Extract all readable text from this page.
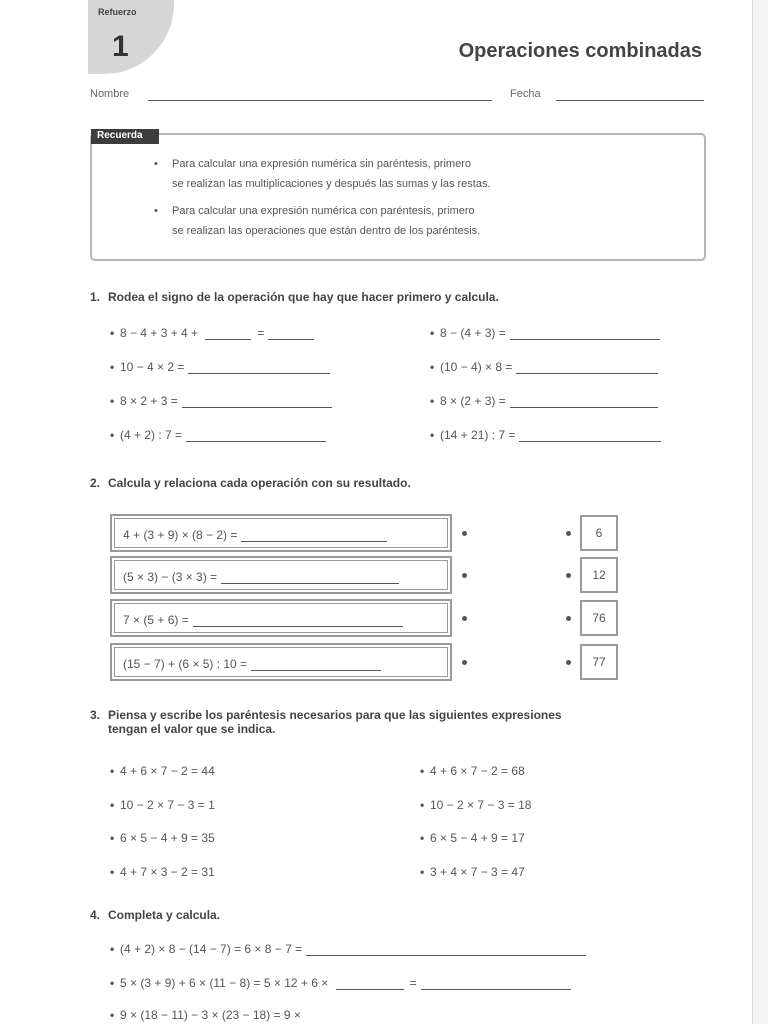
Refuerzo
1	Operaciones combinadas
Nombre	Fecha
Recuerda
• Para calcular una expresión numérica sin paréntesis, primero
se realizan las multiplicaciones y después las sumas y las restas.
• Para calcular una expresión numérica con paréntesis, primero
se realizan las operaciones que están dentro de los paréntesis.
1. Rodea el signo de la operación que hay que hacer primero y calcula.
• 8 − 4 + 3 + 4 +	=
• 10 − 4 × 2 =
• 8 × 2 + 3 =
• (4 + 2) : 7 =
• 8 − (4 + 3) =
• (10 − 4) × 8 =
• 8 × (2 + 3) =
• (14 + 21) : 7 =
2. Calcula y relaciona cada operación con su resultado.
4 + (3 + 9) × (8 − 2) =
(5 × 3) − (3 × 3) =
7 × (5 + 6) =
(15 − 7) + (6 × 5) : 10 =
6
12
76
77
3. Piensa y escribe los paréntesis necesarios para que las siguientes expresiones
tengan el valor que se indica.
• 4 + 6 × 7 − 2 = 44
• 10 − 2 × 7 − 3 = 1
• 6 × 5 − 4 + 9 = 35
• 4 + 7 × 3 − 2 = 31
• 4 + 6 × 7 − 2 = 68
• 10 − 2 × 7 − 3 = 18
• 6 × 5 − 4 + 9 = 17
• 3 + 4 × 7 − 3 = 47
4. Completa y calcula.
• (4 + 2) × 8 − (14 − 7) = 6 × 8 − 7 =
• 5 × (3 + 9) + 6 × (11 − 8) = 5 × 12 + 6 ×	=
• 9 × (18 − 11) − 3 × (23 − 18) = 9 ×
